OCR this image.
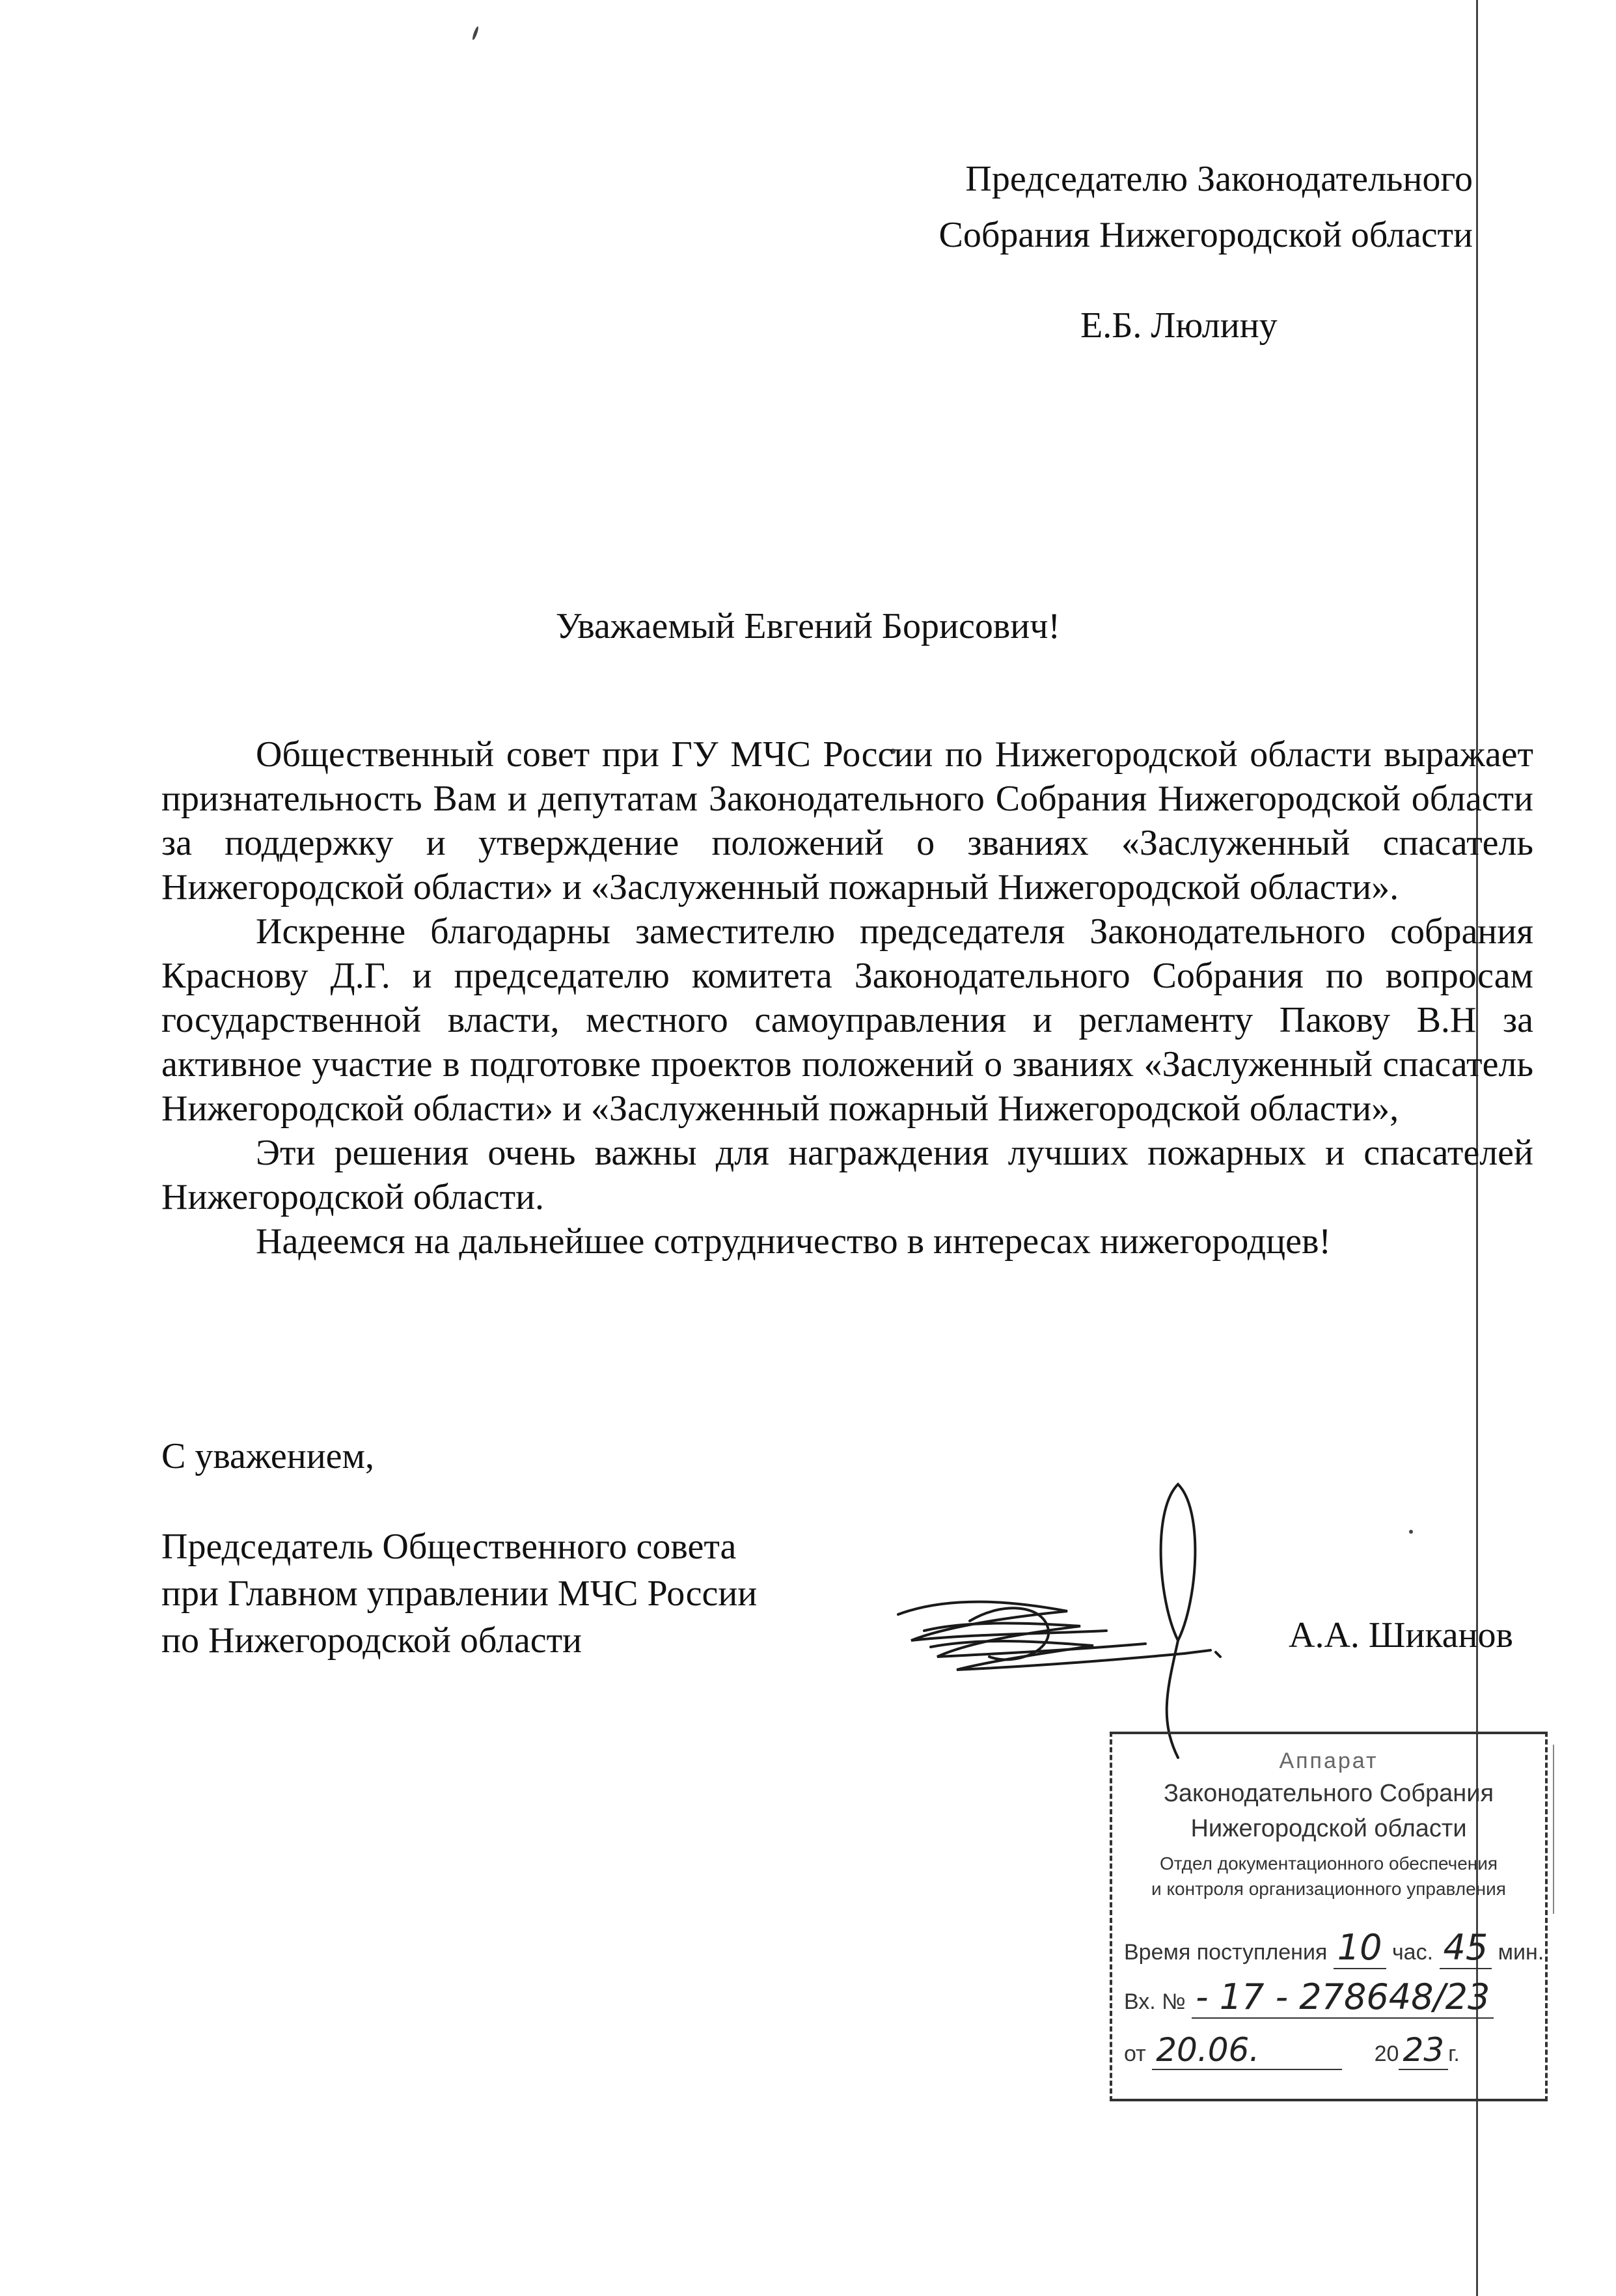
Председателю Законодательного
Собрания Нижегородской области
Е.Б. Люлину
Уважаемый Евгений Борисович!

Общественный совет при ГУ МЧС России по Нижегородской области выражает признательность Вам и депутатам Законодательного Собрания Нижегородской области за поддержку и утверждение положений о званиях «Заслуженный спасатель Нижегородской области» и «Заслуженный пожарный Нижегородской области».

Искренне благодарны заместителю председателя Законодательного собрания Краснову Д.Г. и председателю комитета Законодательного Собрания по вопросам государственной власти, местного самоуправления и регламенту Пакову В.Н за активное участие в подготовке проектов положений о званиях «Заслуженный спасатель Нижегородской области» и «Заслуженный пожарный Нижегородской области»,

Эти решения очень важны для награждения лучших пожарных и спасателей Нижегородской области.

Надеемся на дальнейшее сотрудничество в интересах нижегородцев!

С уважением,
Председатель Общественного совета
при Главном управлении МЧС России
по Нижегородской области	А.А. Шиканов
Аппарат
Законодательного Собрания
Нижегородской области
Отдел документационного обеспечения
и контроля организационного управления
Время поступления 10 час. 45 мин.
Вх. № - 17 - 278648/23
от 20.06.	20 23 г.
